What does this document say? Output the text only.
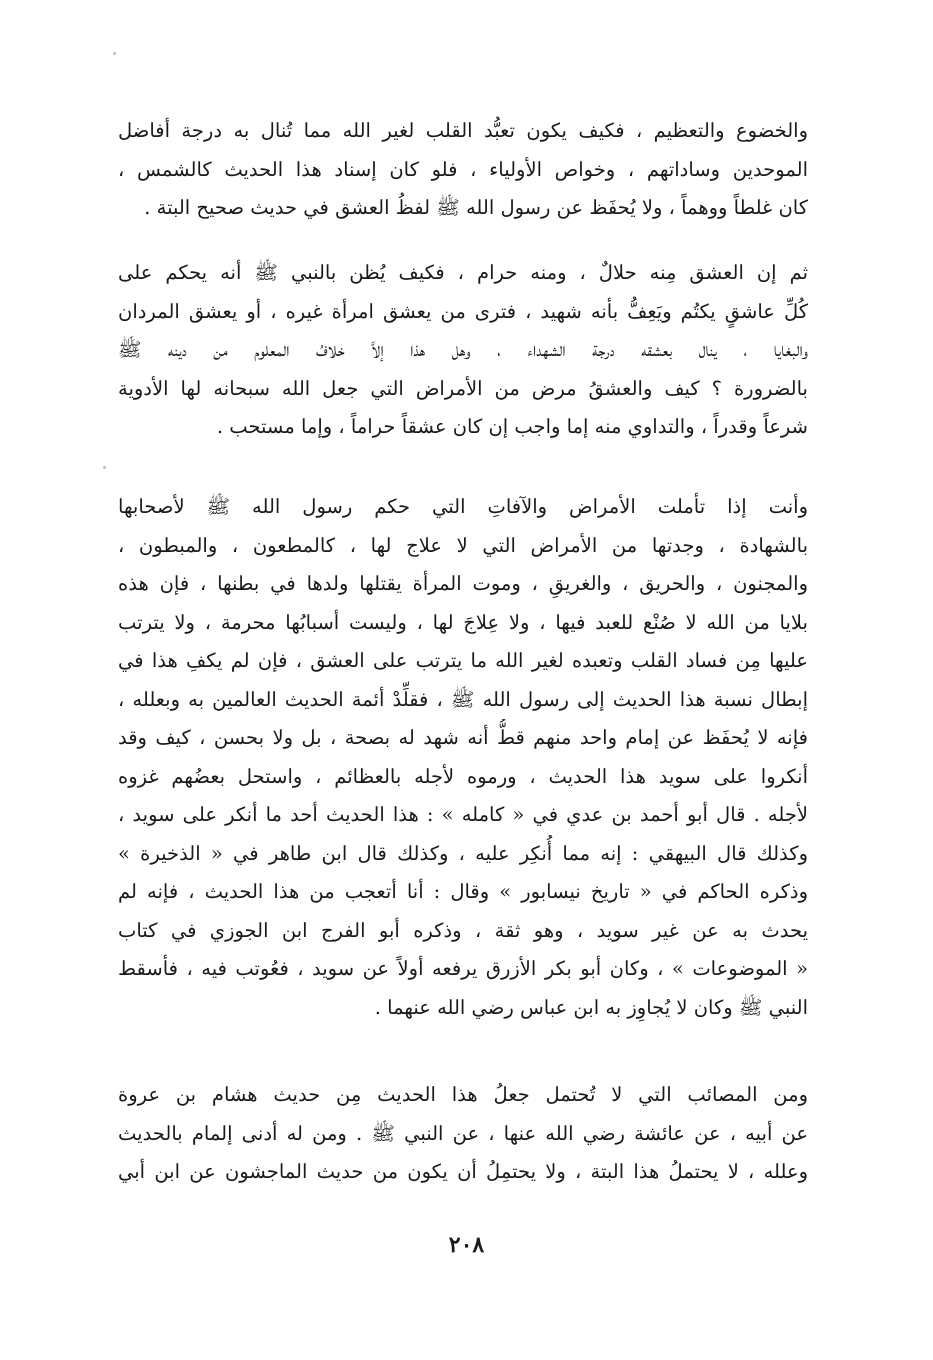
والخضوع والتعظيم ، فكيف يكون تعبُّد القلب لغير الله مما تُنال به درجة أفاضل
الموحدين وساداتهم ، وخواص الأولياء ، فلو كان إسناد هذا الحديث كالشمس ،
كان غلطاً ووهماً ، ولا يُحفَظ عن رسول الله ﷺ لفظُ العشق في حديث صحيح البتة .
ثم إن العشق مِنه حلالٌ ، ومنه حرام ، فكيف يُظن بالنبي ﷺ أنه يحكم على
كُلِّ عاشقٍ يكتُم ويَعِفُّ بأنه شهيد ، فترى من يعشق امرأة غيره ، أو يعشق المردان
والبغايا ، ينال بعشقه درجة الشهداء ، وهل هذا إلاَّ خلافُ المعلوم من دينه ﷺ
بالضرورة ؟ كيف والعشقُ مرض من الأمراض التي جعل الله سبحانه لها الأدوية
شرعاً وقدراً ، والتداوي منه إما واجب إن كان عشقاً حراماً ، وإما مستحب .
وأنت إذا تأملت الأمراض والآفاتِ التي حكم رسول الله ﷺ لأصحابها
بالشهادة ، وجدتها من الأمراض التي لا علاج لها ، كالمطعون ، والمبطون ،
والمجنون ، والحريق ، والغريقِ ، وموت المرأة يقتلها ولدها في بطنها ، فإن هذه
بلايا من الله لا صُنْع للعبد فيها ، ولا عِلاجَ لها ، وليست أسبابُها محرمة ، ولا يترتب
عليها مِن فساد القلب وتعبده لغير الله ما يترتب على العشق ، فإن لم يكفِ هذا في
إبطال نسبة هذا الحديث إلى رسول الله ﷺ ، فقلِّدْ أئمة الحديث العالمين به وبعلله ،
فإنه لا يُحفَظ عن إمام واحد منهم قطُّ أنه شهد له بصحة ، بل ولا بحسن ، كيف وقد
أنكروا على سويد هذا الحديث ، ورموه لأجله بالعظائم ، واستحل بعضُهم غزوه
لأجله . قال أبو أحمد بن عدي في « كامله » : هذا الحديث أحد ما أنكر على سويد ،
وكذلك قال البيهقي : إنه مما أُنكِر عليه ، وكذلك قال ابن طاهر في « الذخيرة »
وذكره الحاكم في « تاريخ نيسابور » وقال : أنا أتعجب من هذا الحديث ، فإنه لم
يحدث به عن غير سويد ، وهو ثقة ، وذكره أبو الفرج ابن الجوزي في كتاب
« الموضوعات » ، وكان أبو بكر الأزرق يرفعه أولاً عن سويد ، فعُوتب فيه ، فأسقط
النبي ﷺ وكان لا يُجاوِز به ابن عباس رضي الله عنهما .
ومن المصائب التي لا تُحتمل جعلُ هذا الحديث مِن حديث هشام بن عروة
عن أبيه ، عن عائشة رضي الله عنها ، عن النبي ﷺ . ومن له أدنى إلمام بالحديث
وعلله ، لا يحتملُ هذا البتة ، ولا يحتمِلُ أن يكون من حديث الماجشون عن ابن أبي
٢٠٨
